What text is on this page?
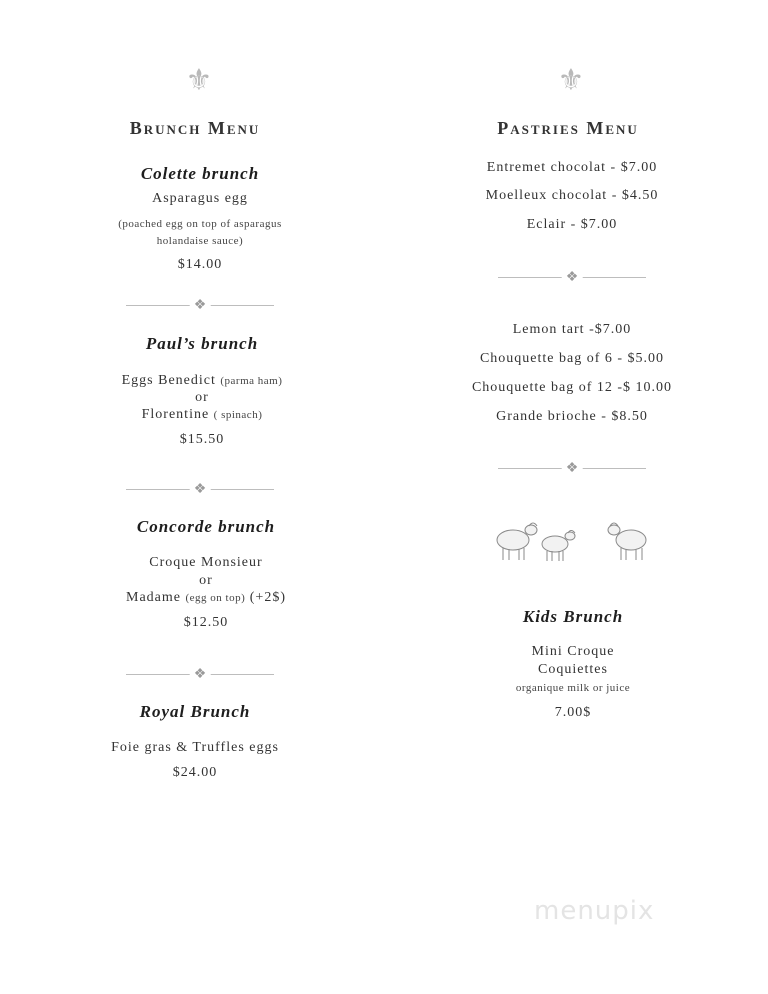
⚜
Brunch Menu
Colette brunch
Asparagus egg
(poached egg on top of asparagus
holandaise sauce)
$14.00
❖
Paul’s brunch
Eggs Benedict (parma ham)
or
Florentine ( spinach)
$15.50
❖
Concorde brunch
Croque Monsieur
or
Madame (egg on top) (+2$)
$12.50
❖
Royal Brunch
Foie gras & Truffles eggs
$24.00
⚜
Pastries Menu
Entremet chocolat - $7.00
Moelleux chocolat - $4.50
Eclair - $7.00
❖
Lemon tart -$7.00
Chouquette bag of 6 - $5.00
Chouquette bag of 12 -$ 10.00
Grande brioche - $8.50
❖
Kids Brunch
Mini Croque
Coquiettes
organique milk or juice
7.00$
menupix
